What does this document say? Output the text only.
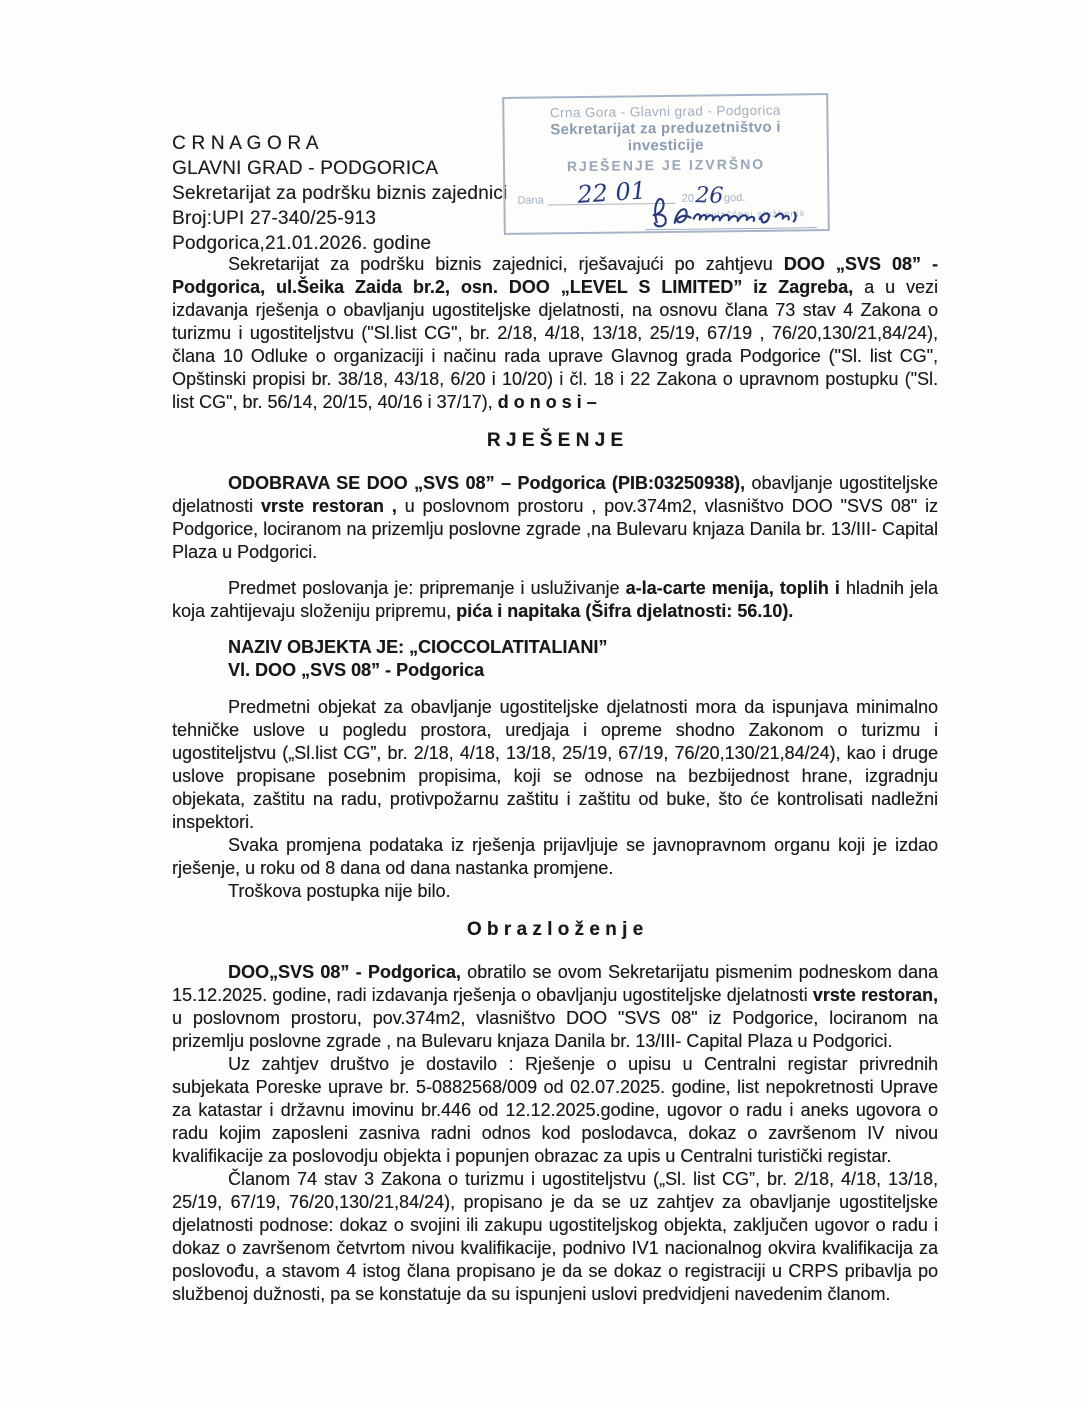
C R N A G O R A
GLAVNI GRAD - PODGORICA
Sekretarijat za podršku biznis zajednici
Broj:UPI 27-340/25-913
Podgorica,21.01.2026. godine
Crna Gora - Glavni grad - Podgorica
Sekretarijat za preduzetništvo i investicije
RJEŠENJE JE IZVRŠNO
Dana	22 01	20 26 god.
ovlašćeni službenik

Sekretarijat za podršku biznis zajednici, rješavajući po zahtjevu DOO „SVS 08” - Podgorica, ul.Šeika Zaida br.2, osn. DOO „LEVEL S LIMITED” iz Zagreba, a u vezi izdavanja rješenja o obavljanju ugostiteljske djelatnosti, na osnovu člana 73 stav 4 Zakona o turizmu i ugostiteljstvu ("Sl.list CG", br. 2/18, 4/18, 13/18, 25/19, 67/19 , 76/20,130/21,84/24), člana 10 Odluke o organizaciji i načinu rada uprave Glavnog grada Podgorice ("Sl. list CG", Opštinski propisi br. 38/18, 43/18, 6/20 i 10/20) i čl. 18 i 22 Zakona o upravnom postupku ("Sl. list CG", br. 56/14, 20/15, 40/16 i 37/17), d o n o s i –

R J E Š E N J E

ODOBRAVA SE DOO „SVS 08” – Podgorica (PIB:03250938), obavljanje ugostiteljske djelatnosti vrste restoran , u poslovnom prostoru , pov.374m2, vlasništvo DOO "SVS 08" iz Podgorice, lociranom na prizemlju poslovne zgrade ,na Bulevaru knjaza Danila br. 13/III- Capital Plaza u Podgorici.

Predmet poslovanja je: pripremanje i usluživanje a-la-carte menija, toplih i hladnih jela koja zahtijevaju složeniju pripremu, pića i napitaka (Šifra djelatnosti: 56.10).

NAZIV OBJEKTA JE: „CIOCCOLATITALIANI”
Vl. DOO „SVS 08” - Podgorica

Predmetni objekat za obavljanje ugostiteljske djelatnosti mora da ispunjava minimalno tehničke uslove u pogledu prostora, uredjaja i opreme shodno Zakonom o turizmu i ugostiteljstvu („Sl.list CG”, br. 2/18, 4/18, 13/18, 25/19, 67/19, 76/20,130/21,84/24), kao i druge uslove propisane posebnim propisima, koji se odnose na bezbijednost hrane, izgradnju objekata, zaštitu na radu, protivpožarnu zaštitu i zaštitu od buke, što će kontrolisati nadležni inspektori.

Svaka promjena podataka iz rješenja prijavljuje se javnopravnom organu koji je izdao rješenje, u roku od 8 dana od dana nastanka promjene.

Troškova postupka nije bilo.

O b r a z l o ž e n j e

DOO„SVS 08” - Podgorica, obratilo se ovom Sekretarijatu pismenim podneskom dana 15.12.2025. godine, radi izdavanja rješenja o obavljanju ugostiteljske djelatnosti vrste restoran, u poslovnom prostoru, pov.374m2, vlasništvo DOO "SVS 08" iz Podgorice, lociranom na prizemlju poslovne zgrade , na Bulevaru knjaza Danila br. 13/III- Capital Plaza u Podgorici.

Uz zahtjev društvo je dostavilo : Rješenje o upisu u Centralni registar privrednih subjekata Poreske uprave br. 5-0882568/009 od 02.07.2025. godine, list nepokretnosti Uprave za katastar i državnu imovinu br.446 od 12.12.2025.godine, ugovor o radu i aneks ugovora o radu kojim zaposleni zasniva radni odnos kod poslodavca, dokaz o završenom IV nivou kvalifikacije za poslovodju objekta i popunjen obrazac za upis u Centralni turistički registar.

Članom 74 stav 3 Zakona o turizmu i ugostiteljstvu („Sl. list CG”, br. 2/18, 4/18, 13/18, 25/19, 67/19, 76/20,130/21,84/24), propisano je da se uz zahtjev za obavljanje ugostiteljske djelatnosti podnose: dokaz o svojini ili zakupu ugostiteljskog objekta, zaključen ugovor o radu i dokaz o završenom četvrtom nivou kvalifikacije, podnivo IV1 nacionalnog okvira kvalifikacija za poslovođu, a stavom 4 istog člana propisano je da se dokaz o registraciji u CRPS pribavlja po službenoj dužnosti, pa se konstatuje da su ispunjeni uslovi predvidjeni navedenim članom.
